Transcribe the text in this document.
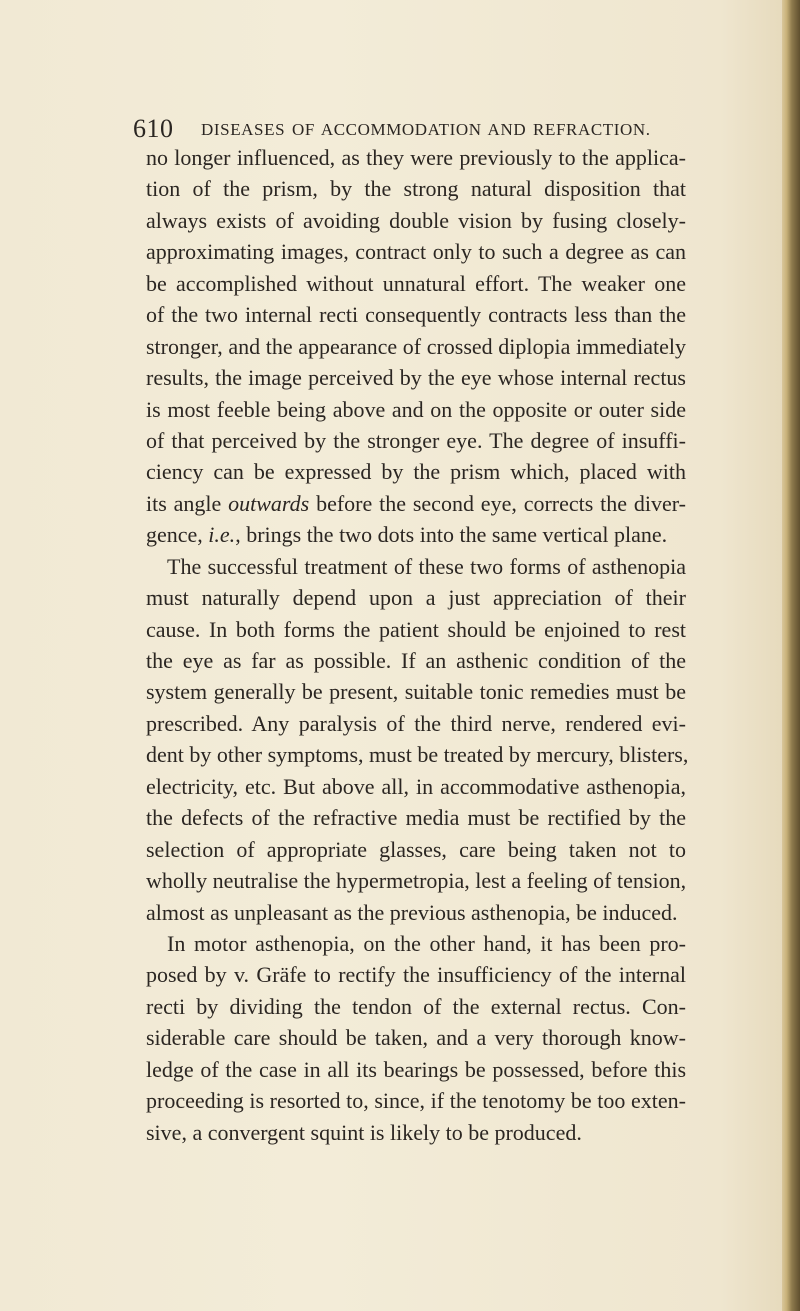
610 DISEASES OF ACCOMMODATION AND REFRACTION.
no longer influenced, as they were previously to the applica-
tion of the prism, by the strong natural disposition that
always exists of avoiding double vision by fusing closely-
approximating images, contract only to such a degree as can
be accomplished without unnatural effort. The weaker one
of the two internal recti consequently contracts less than the
stronger, and the appearance of crossed diplopia immediately
results, the image perceived by the eye whose internal rectus
is most feeble being above and on the opposite or outer side
of that perceived by the stronger eye. The degree of insuffi-
ciency can be expressed by the prism which, placed with
its angle outwards before the second eye, corrects the diver-
gence, i.e., brings the two dots into the same vertical plane.
The successful treatment of these two forms of asthenopia
must naturally depend upon a just appreciation of their
cause. In both forms the patient should be enjoined to rest
the eye as far as possible. If an asthenic condition of the
system generally be present, suitable tonic remedies must be
prescribed. Any paralysis of the third nerve, rendered evi-
dent by other symptoms, must be treated by mercury, blisters,
electricity, etc. But above all, in accommodative asthenopia,
the defects of the refractive media must be rectified by the
selection of appropriate glasses, care being taken not to
wholly neutralise the hypermetropia, lest a feeling of tension,
almost as unpleasant as the previous asthenopia, be induced.
In motor asthenopia, on the other hand, it has been pro-
posed by v. Gräfe to rectify the insufficiency of the internal
recti by dividing the tendon of the external rectus. Con-
siderable care should be taken, and a very thorough know-
ledge of the case in all its bearings be possessed, before this
proceeding is resorted to, since, if the tenotomy be too exten-
sive, a convergent squint is likely to be produced.
